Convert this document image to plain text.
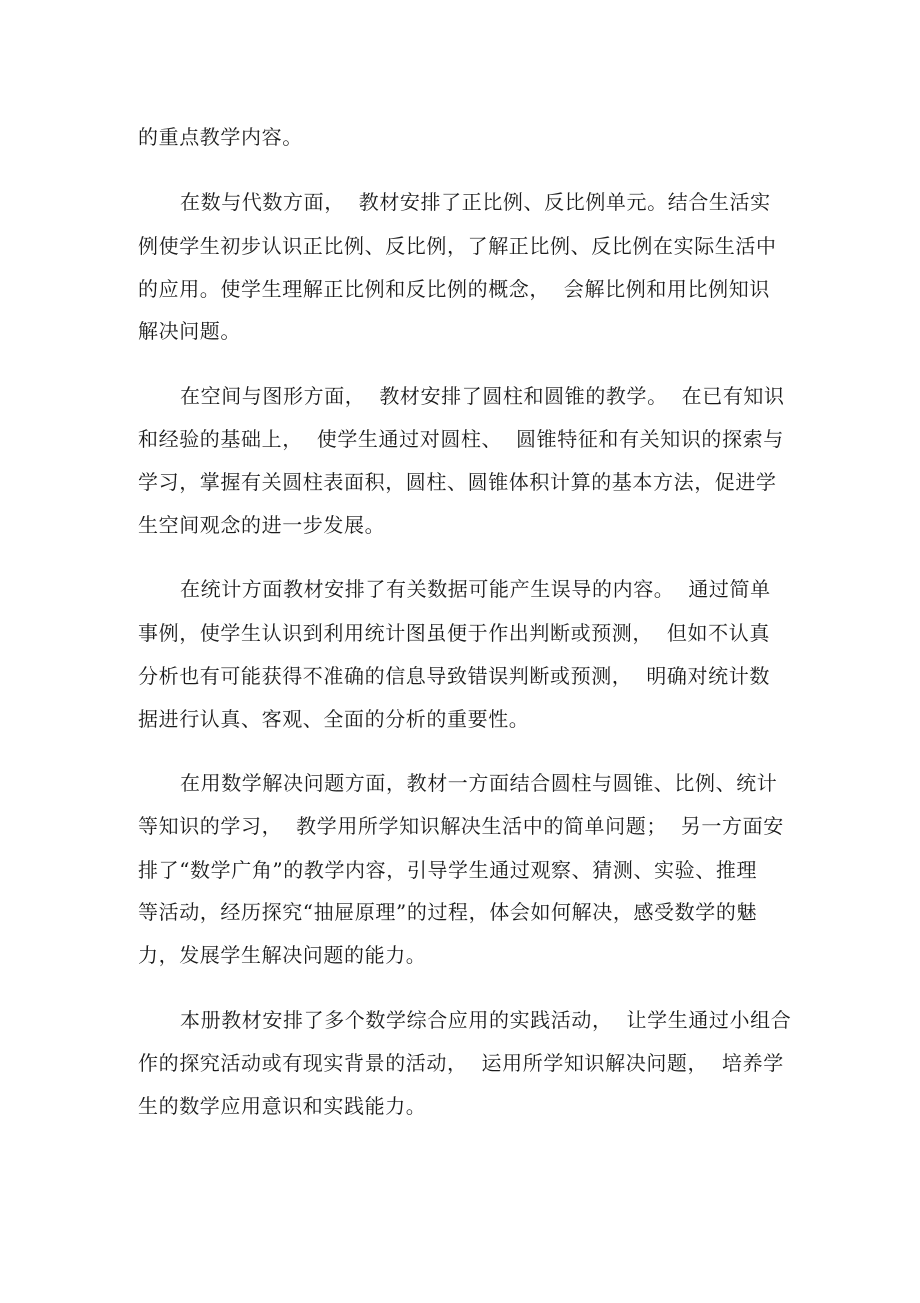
的重点教学内容。
在数与代数方面，  教材安排了正比例、反比例单元。结合生活实
例使学生初步认识正比例、反比例，了解正比例、反比例在实际生活中
的应用。使学生理解正比例和反比例的概念，  会解比例和用比例知识
解决问题。
在空间与图形方面，  教材安排了圆柱和圆锥的教学。  在已有知识
和经验的基础上，  使学生通过对圆柱、  圆锥特征和有关知识的探索与
学习，掌握有关圆柱表面积，圆柱、圆锥体积计算的基本方法，促进学
生空间观念的进一步发展。
在统计方面教材安排了有关数据可能产生误导的内容。  通过简单
事例，使学生认识到利用统计图虽便于作出判断或预测，  但如不认真
分析也有可能获得不准确的信息导致错误判断或预测，  明确对统计数
据进行认真、客观、全面的分析的重要性。
在用数学解决问题方面，教材一方面结合圆柱与圆锥、比例、统计
等知识的学习，  教学用所学知识解决生活中的简单问题；  另一方面安
排了“数学广角”的教学内容，引导学生通过观察、猜测、实验、推理
等活动，经历探究“抽屉原理”的过程，体会如何解决，感受数学的魅
力，发展学生解决问题的能力。
本册教材安排了多个数学综合应用的实践活动，  让学生通过小组合
作的探究活动或有现实背景的活动，  运用所学知识解决问题，  培养学
生的数学应用意识和实践能力。
